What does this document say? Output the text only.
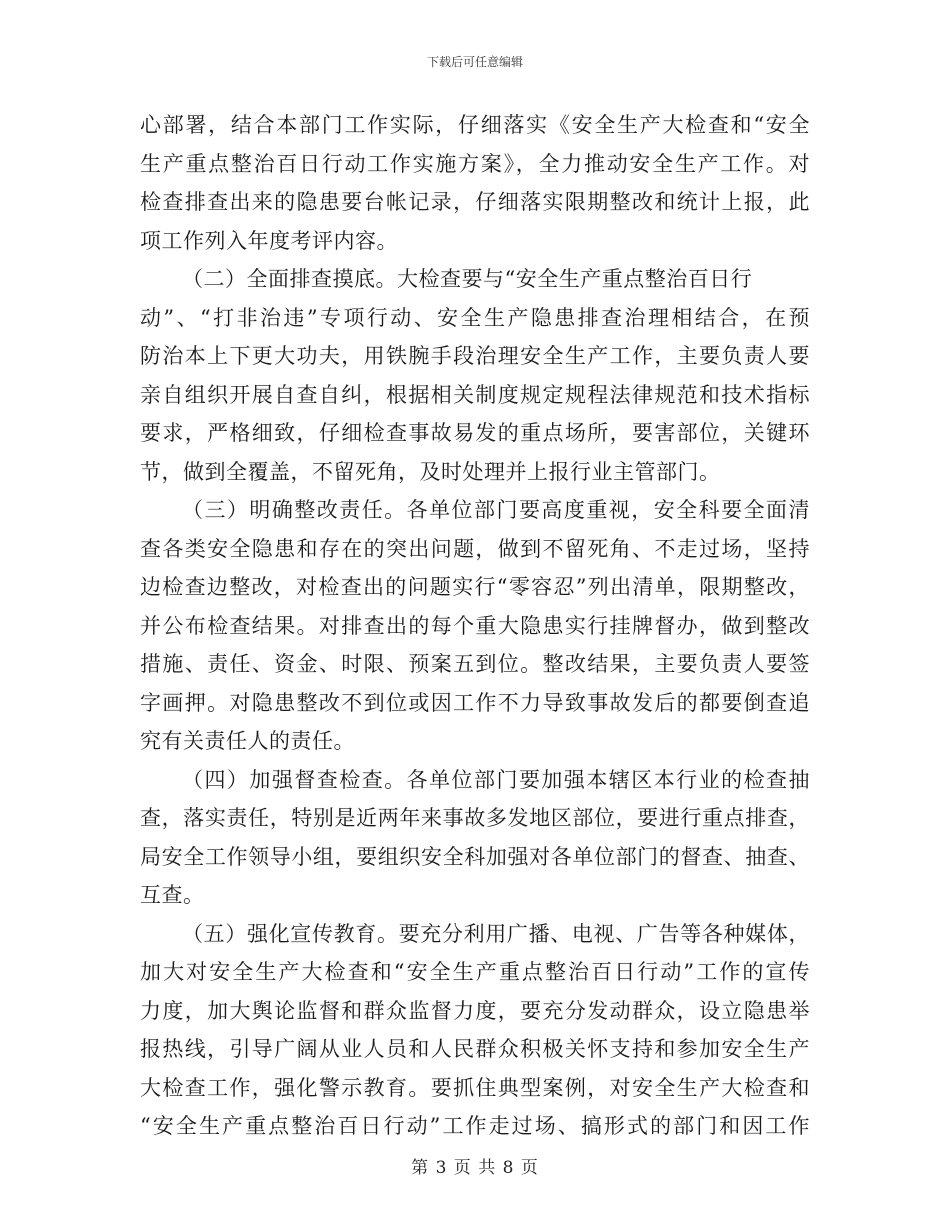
下载后可任意编辑
心部署，结合本部门工作实际，仔细落实《安全生产大检查和“安全
生产重点整治百日行动工作实施方案》，全力推动安全生产工作。对
检查排查出来的隐患要台帐记录，仔细落实限期整改和统计上报，此
项工作列入年度考评内容。
（二）全面排查摸底。大检查要与“安全生产重点整治百日行
动”、“打非治违”专项行动、安全生产隐患排查治理相结合，在预
防治本上下更大功夫，用铁腕手段治理安全生产工作，主要负责人要
亲自组织开展自查自纠，根据相关制度规定规程法律规范和技术指标
要求，严格细致，仔细检查事故易发的重点场所，要害部位，关键环
节，做到全覆盖，不留死角，及时处理并上报行业主管部门。
（三）明确整改责任。各单位部门要高度重视，安全科要全面清
查各类安全隐患和存在的突出问题，做到不留死角、不走过场，坚持
边检查边整改，对检查出的问题实行“零容忍”列出清单，限期整改，
并公布检查结果。对排查出的每个重大隐患实行挂牌督办，做到整改
措施、责任、资金、时限、预案五到位。整改结果，主要负责人要签
字画押。对隐患整改不到位或因工作不力导致事故发后的都要倒查追
究有关责任人的责任。
（四）加强督查检查。各单位部门要加强本辖区本行业的检查抽
查，落实责任，特别是近两年来事故多发地区部位，要进行重点排查，
局安全工作领导小组，要组织安全科加强对各单位部门的督查、抽查、
互查。
（五）强化宣传教育。要充分利用广播、电视、广告等各种媒体，
加大对安全生产大检查和“安全生产重点整治百日行动”工作的宣传
力度，加大舆论监督和群众监督力度，要充分发动群众，设立隐患举
报热线，引导广阔从业人员和人民群众积极关怀支持和参加安全生产
大检查工作，强化警示教育。要抓住典型案例，对安全生产大检查和
“安全生产重点整治百日行动”工作走过场、搞形式的部门和因工作
第 3 页 共 8 页
